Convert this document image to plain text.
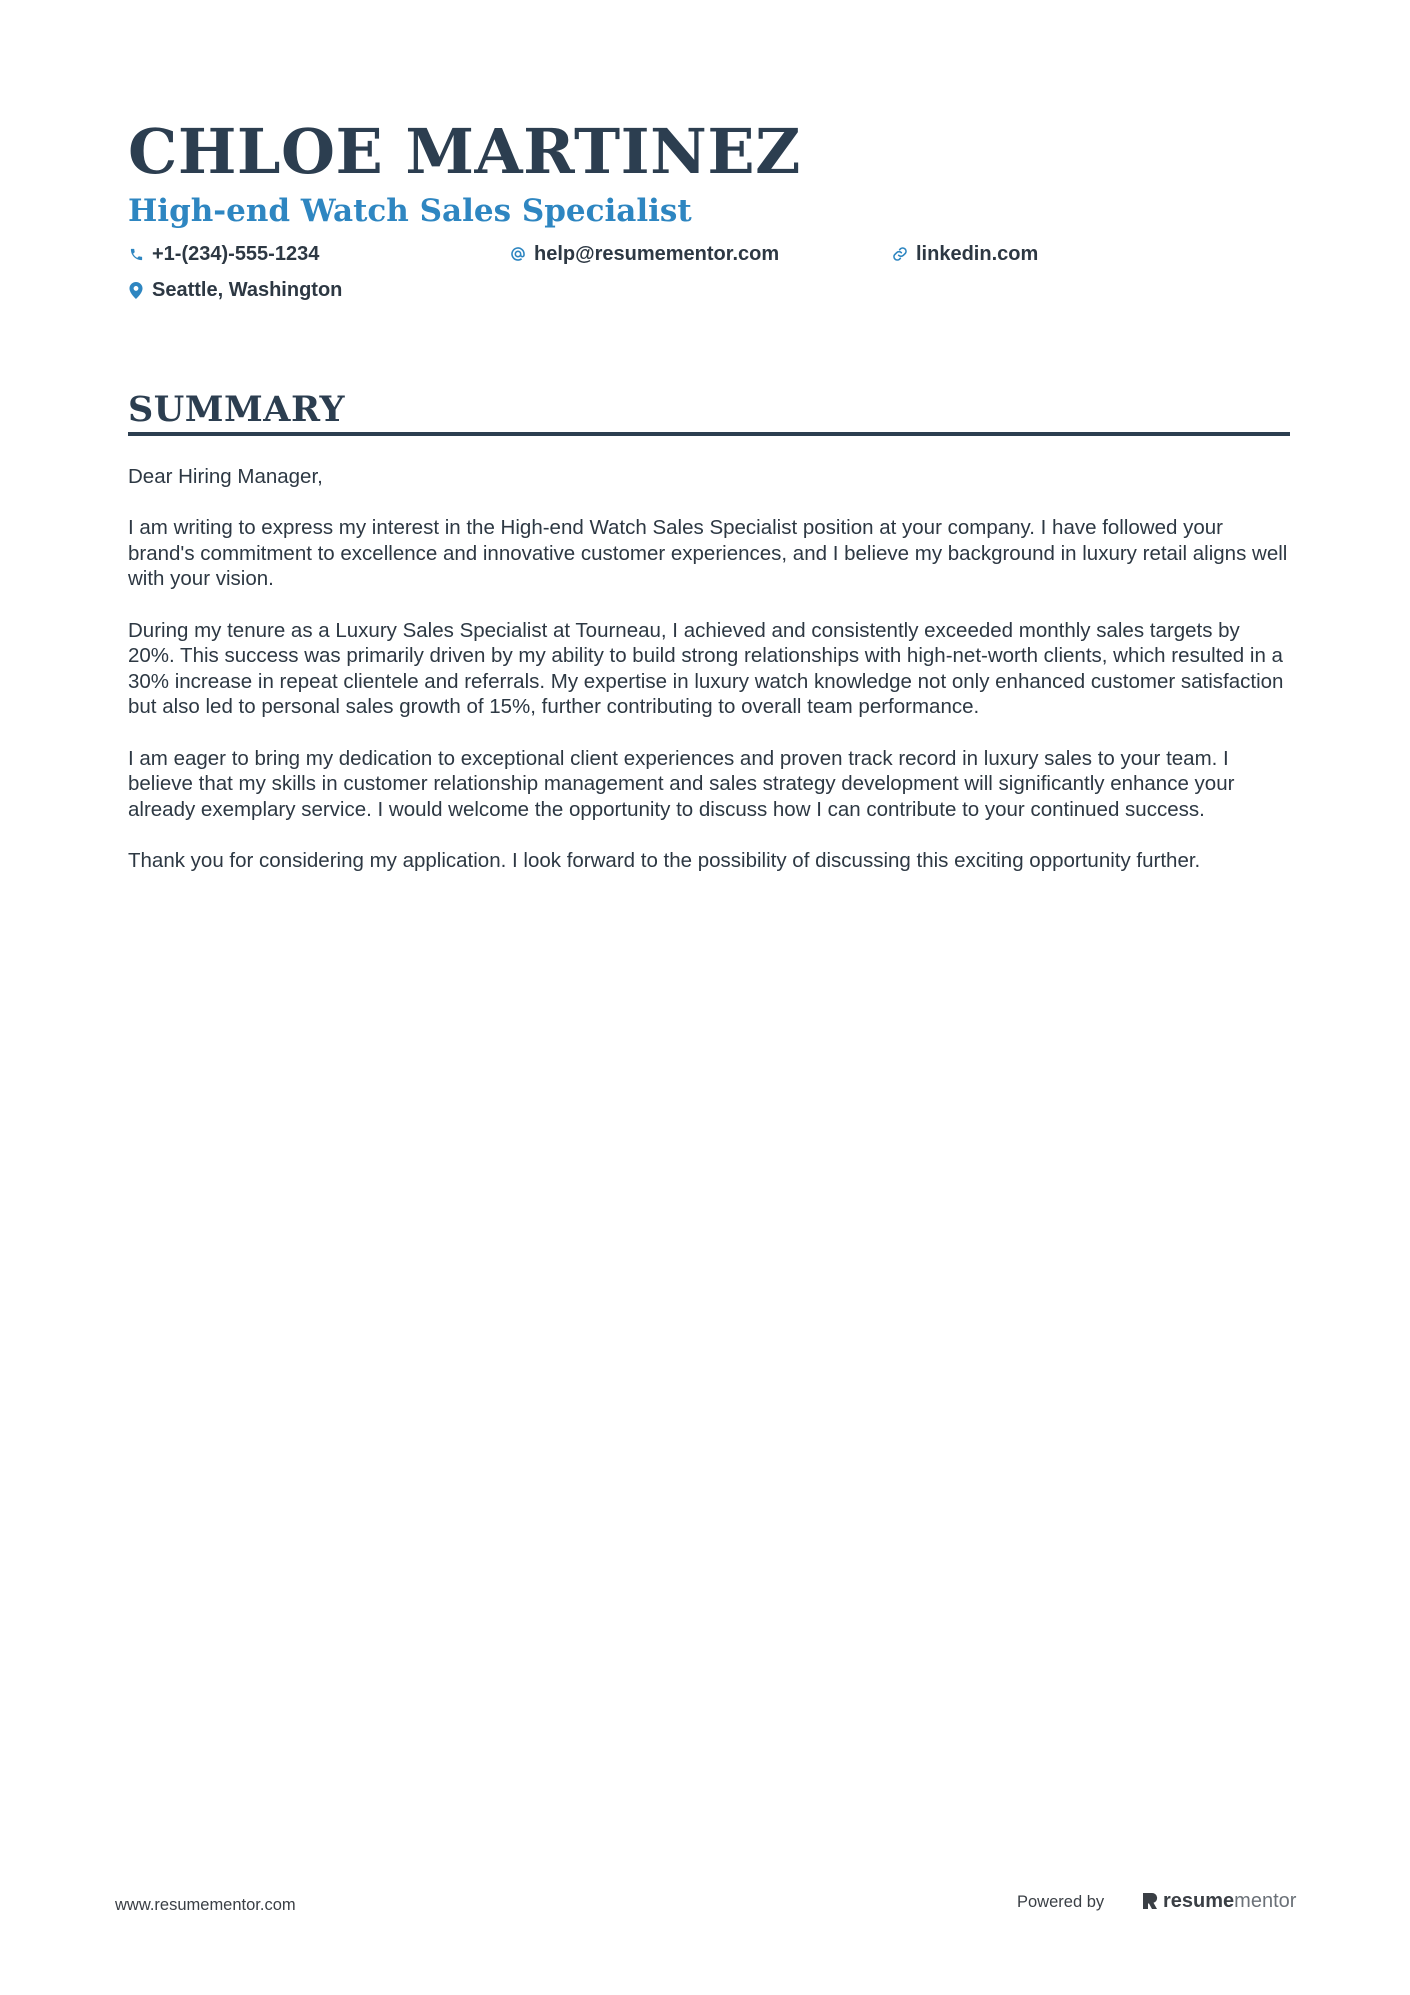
CHLOE MARTINEZ
High-end Watch Sales Specialist
+1-(234)-555-1234	help@resumementor.com	linkedin.com
Seattle, Washington
SUMMARY

Dear Hiring Manager,

I am writing to express my interest in the High-end Watch Sales Specialist position at your company. I have followed your brand's commitment to excellence and innovative customer experiences, and I believe my background in luxury retail aligns well with your vision.

During my tenure as a Luxury Sales Specialist at Tourneau, I achieved and consistently exceeded monthly sales targets by 20%. This success was primarily driven by my ability to build strong relationships with high-net-worth clients, which resulted in a 30% increase in repeat clientele and referrals. My expertise in luxury watch knowledge not only enhanced customer satisfaction but also led to personal sales growth of 15%, further contributing to overall team performance.

I am eager to bring my dedication to exceptional client experiences and proven track record in luxury sales to your team. I believe that my skills in customer relationship management and sales strategy development will significantly enhance your already exemplary service. I would welcome the opportunity to discuss how I can contribute to your continued success.

Thank you for considering my application. I look forward to the possibility of discussing this exciting opportunity further.

www.resumementor.com	Powered by	resume mentor
